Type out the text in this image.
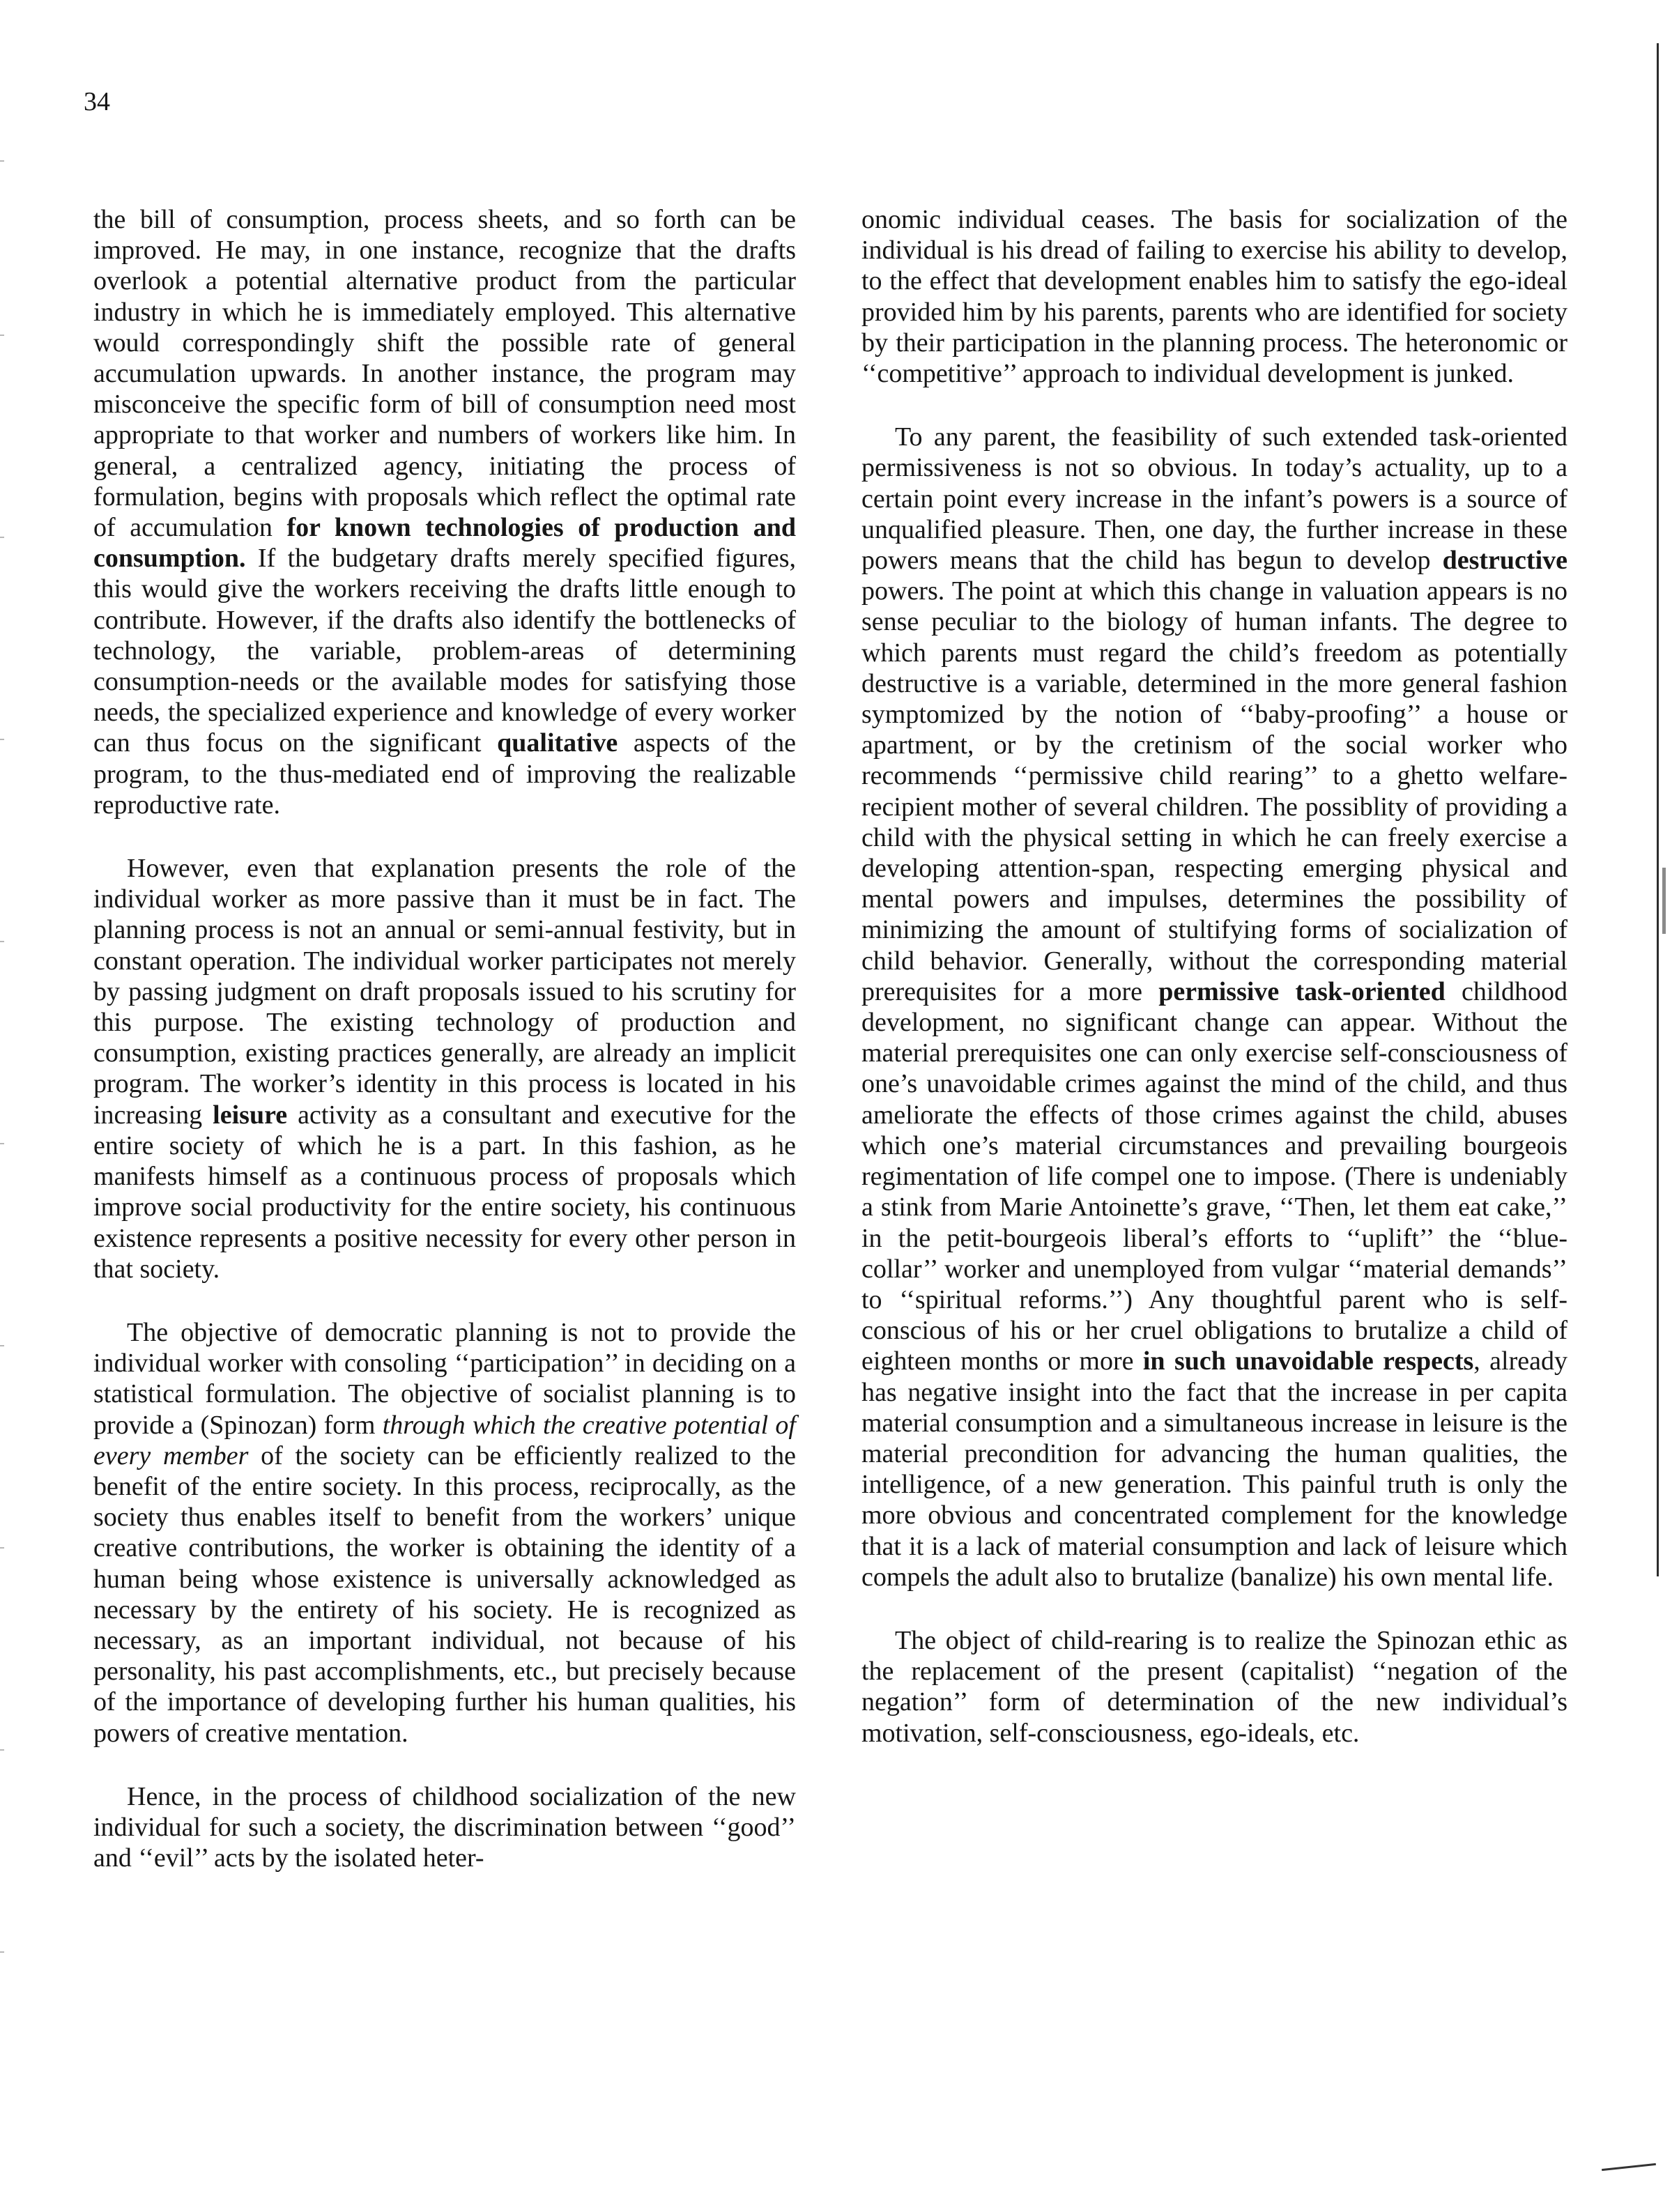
34

the bill of consumption, process sheets, and so forth can be improved. He may, in one instance, recognize that the drafts overlook a potential alternative product from the particular industry in which he is immediately employed. This alternative would correspondingly shift the possible rate of general accumulation upwards. In another instance, the program may misconceive the specific form of bill of consumption need most appropriate to that worker and numbers of workers like him. In general, a centralized agency, initiating the process of formulation, begins with proposals which reflect the optimal rate of accumulation for known technologies of production and consumption. If the budgetary drafts merely specified figures, this would give the workers receiving the drafts little enough to contribute. However, if the drafts also identify the bottlenecks of technology, the variable, problem-areas of determining consumption-needs or the available modes for satisfying those needs, the specialized experience and knowledge of every worker can thus focus on the significant qualitative aspects of the program, to the thus-mediated end of improving the realizable reproductive rate.

However, even that explanation presents the role of the individual worker as more passive than it must be in fact. The planning process is not an annual or semi-annual festivity, but in constant operation. The individual worker participates not merely by passing judgment on draft proposals issued to his scrutiny for this purpose. The existing technology of production and consumption, existing practices generally, are already an implicit program. The worker’s identity in this process is located in his increasing leisure activity as a consultant and executive for the entire society of which he is a part. In this fashion, as he manifests himself as a continuous process of proposals which improve social productivity for the entire society, his continuous existence represents a positive necessity for every other person in that society.

The objective of democratic planning is not to provide the individual worker with consoling ‘‘participation’’ in deciding on a statistical formulation. The objective of socialist planning is to provide a (Spinozan) form through which the creative potential of every member of the society can be efficiently realized to the benefit of the entire society. In this process, reciprocally, as the society thus enables itself to benefit from the workers’ unique creative contributions, the worker is obtaining the identity of a human being whose existence is universally acknowledged as necessary by the entirety of his society. He is recognized as necessary, as an important individual, not because of his personality, his past accomplishments, etc., but precisely because of the importance of developing further his human qualities, his powers of creative mentation.

Hence, in the process of childhood socialization of the new individual for such a society, the discrimination between ‘‘good’’ and ‘‘evil’’ acts by the isolated heter-

onomic individual ceases. The basis for socialization of the individual is his dread of failing to exercise his ability to develop, to the effect that development enables him to satisfy the ego-ideal provided him by his parents, parents who are identified for society by their participation in the planning process. The heteronomic or ‘‘competitive’’ approach to individual development is junked.

To any parent, the feasibility of such extended task-oriented permissiveness is not so obvious. In today’s actuality, up to a certain point every increase in the infant’s powers is a source of unqualified pleasure. Then, one day, the further increase in these powers means that the child has begun to develop destructive powers. The point at which this change in valuation appears is no sense peculiar to the biology of human infants. The degree to which parents must regard the child’s freedom as potentially destructive is a variable, determined in the more general fashion symptomized by the notion of ‘‘baby-proofing’’ a house or apartment, or by the cretinism of the social worker who recommends ‘‘permissive child rearing’’ to a ghetto welfare-recipient mother of several children. The possiblity of providing a child with the physical setting in which he can freely exercise a developing attention-span, respecting emerging physical and mental powers and impulses, determines the possibility of minimizing the amount of stultifying forms of socialization of child behavior. Generally, without the corresponding material prerequisites for a more permissive task-oriented childhood development, no significant change can appear. Without the material prerequisites one can only exercise self-consciousness of one’s unavoidable crimes against the mind of the child, and thus ameliorate the effects of those crimes against the child, abuses which one’s material circumstances and prevailing bourgeois regimentation of life compel one to impose. (There is undeniably a stink from Marie Antoinette’s grave, ‘‘Then, let them eat cake,’’ in the petit-bourgeois liberal’s efforts to ‘‘uplift’’ the ‘‘blue-collar’’ worker and unemployed from vulgar ‘‘material demands’’ to ‘‘spiritual reforms.’’) Any thoughtful parent who is self-conscious of his or her cruel obligations to brutalize a child of eighteen months or more in such unavoidable respects, already has negative insight into the fact that the increase in per capita material consumption and a simultaneous increase in leisure is the material precondition for advancing the human qualities, the intelligence, of a new generation. This painful truth is only the more obvious and concentrated complement for the knowledge that it is a lack of material consumption and lack of leisure which compels the adult also to brutalize (banalize) his own mental life.

The object of child-rearing is to realize the Spinozan ethic as the replacement of the present (capitalist) ‘‘negation of the negation’’ form of determination of the new individual’s motivation, self-consciousness, ego-ideals, etc.
